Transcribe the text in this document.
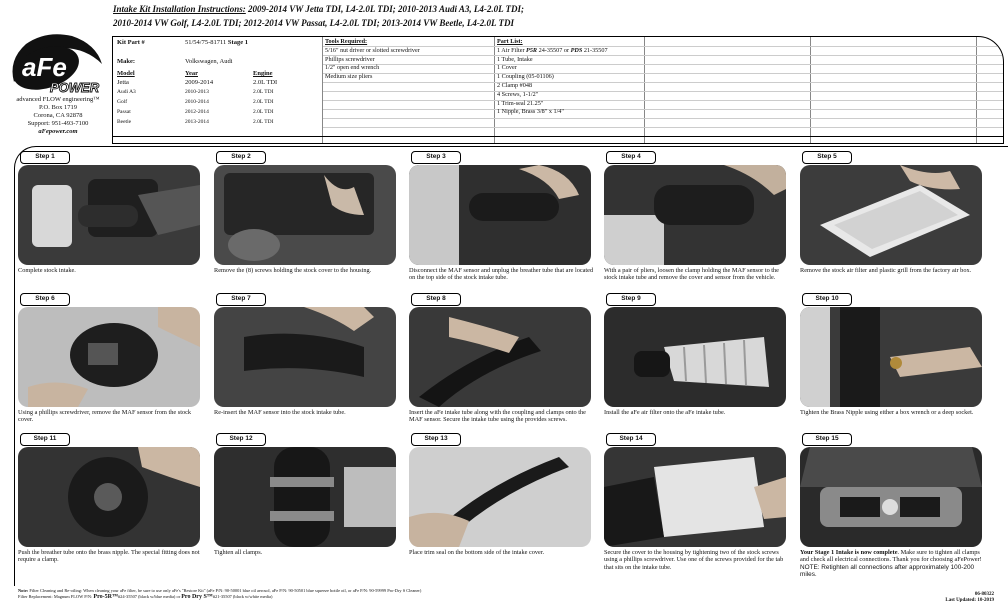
Intake Kit Installation Instructions: 2009-2014 VW Jetta TDI, L4-2.0L TDI; 2010-2013 Audi A3, L4-2.0L TDI;
2010-2014 VW Golf, L4-2.0L TDI; 2012-2014 VW Passat, L4-2.0L TDI; 2013-2014 VW Beetle, L4-2.0L TDI
aFe
POWER
advanced FLOW engineering™
P.O. Box 1719
Corona, CA 92878
Support: 951-493-7100
aFepower.com
Kit Part #	51/54/75-81711 Stage 1
Make:	Volkswagen, Audi
Model	Year	Engine
Jetta	2009-2014	2.0L TDI
Audi A3	2010-2013	2.0L TDI
Golf	2010-2014	2.0L TDI
Passat	2012-2014	2.0L TDI
Beetle	2013-2014	2.0L TDI
Tools Required:
5/16" nut driver or slotted screwdriver
Phillips screwdriver
1/2" open end wrench
Medium size pliers
Part List:
1 Air Filter P5R 24-35507 or PDS 21-35507
1 Tube, Intake
1 Cover
1 Coupling (05-01106)
2 Clamp #048
4 Screws, 1-1/2"
1 Trim-seal 21.25"
1 Nipple, Brass 3/8" x 1/4"
Step 1
Complete stock intake.
Step 2
Remove the (8) screws holding the stock cover to the housing.
Step 3
Disconnect the MAF sensor and unplug the breather tube that are located on the top side of the stock intake tube.
Step 4
With a pair of pliers, loosen the clamp holding the MAF sensor to the stock intake tube and remove the cover and sensor from the vehicle.
Step 5
Remove the stock air filter and plastic grill from the factory air box.
Step 6
Using a phillips screwdriver, remove the MAF sensor from the stock cover.
Step 7
Re-insert the MAF sensor into the stock intake tube.
Step 8
Insert the aFe intake tube along with the coupling and clamps onto the MAF sensor. Secure the intake tube using the provides screws.
Step 9
Install the aFe air filter onto the aFe intake tube.
Step 10
Tighten the Brass Nipple using either a box wrench or a deep socket.
Step 11
Push the breather tube onto the brass nipple. The special fitting does not require a clamp.
Step 12
Tighten all clamps.
Step 13
Place trim seal on the bottom side of the intake cover.
Step 14
Secure the cover to the housing by tightening two of the stock screws using a phillips screwdriver. Use one of the screws provided for the tab that sits on the intake tube.
Step 15
Your Stage 1 Intake is now complete. Make sure to tighten all clamps and check all electrical connections. Thank you for choosing aFePower!
NOTE: Retighten all connections after approximately 100-200 miles.
Note: Filter Cleaning and Re-oiling: When cleaning your aFe filter, be sure to use only aFe's "Restore Kit" (aFe P/N: 90-50001 blue oil aerosol, aFe P/N: 90-50501 blue squeeze bottle oil, or aFe P/N: 90-59999 Pro-Dry S Cleaner)
Filter Replacement: Magnum FLOW P/N: Pro-5R™#24-35507 (black w/blue media) or Pro Dry S™#21-35507 (black w/white media)	06-80322
Last Updated: 10-2019
